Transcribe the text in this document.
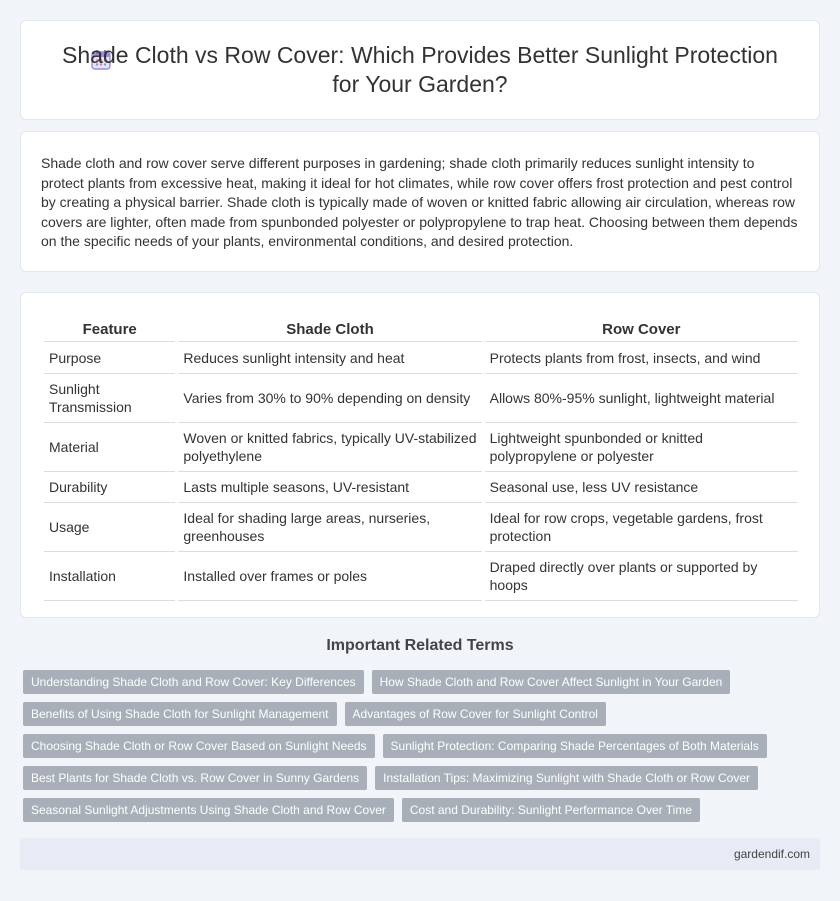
Shade Cloth vs Row Cover: Which Provides Better Sunlight Protection for Your Garden?

Shade cloth and row cover serve different purposes in gardening; shade cloth primarily reduces sunlight intensity to protect plants from excessive heat, making it ideal for hot climates, while row cover offers frost protection and pest control by creating a physical barrier. Shade cloth is typically made of woven or knitted fabric allowing air circulation, whereas row covers are lighter, often made from spunbonded polyester or polypropylene to trap heat. Choosing between them depends on the specific needs of your plants, environmental conditions, and desired protection.

Feature	Shade Cloth	Row Cover
Purpose	Reduces sunlight intensity and heat	Protects plants from frost, insects, and wind
Sunlight Transmission	Varies from 30% to 90% depending on density	Allows 80%-95% sunlight, lightweight material
Material	Woven or knitted fabrics, typically UV-stabilized polyethylene	Lightweight spunbonded or knitted polypropylene or polyester
Durability	Lasts multiple seasons, UV-resistant	Seasonal use, less UV resistance
Usage	Ideal for shading large areas, nurseries, greenhouses	Ideal for row crops, vegetable gardens, frost protection
Installation	Installed over frames or poles	Draped directly over plants or supported by hoops
Important Related Terms
Understanding Shade Cloth and Row Cover: Key Differences	How Shade Cloth and Row Cover Affect Sunlight in Your Garden
Benefits of Using Shade Cloth for Sunlight Management	Advantages of Row Cover for Sunlight Control
Choosing Shade Cloth or Row Cover Based on Sunlight Needs	Sunlight Protection: Comparing Shade Percentages of Both Materials
Best Plants for Shade Cloth vs. Row Cover in Sunny Gardens	Installation Tips: Maximizing Sunlight with Shade Cloth or Row Cover
Seasonal Sunlight Adjustments Using Shade Cloth and Row Cover	Cost and Durability: Sunlight Performance Over Time
gardendif.com
